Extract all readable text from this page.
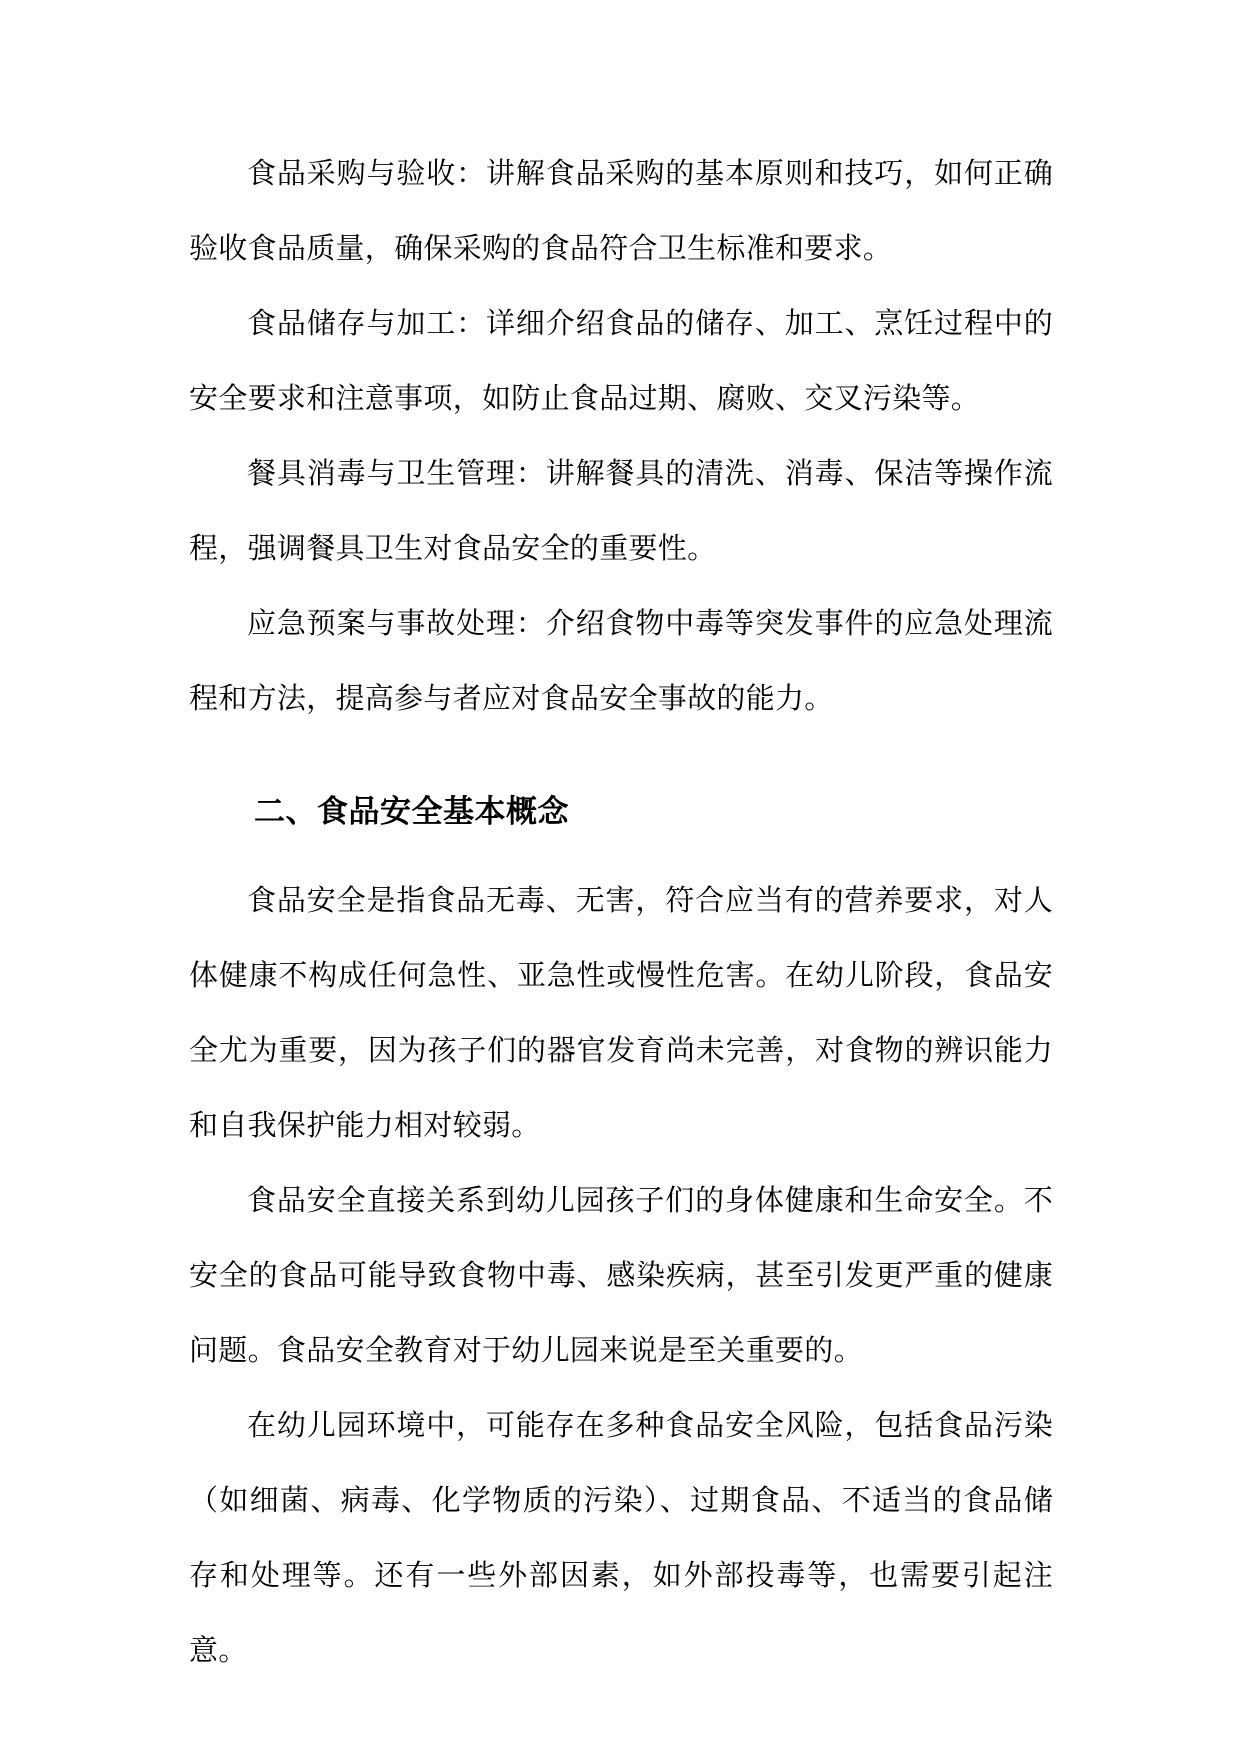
食品采购与验收：讲解食品采购的基本原则和技巧，如何正确验收食品质量，确保采购的食品符合卫生标准和要求。

食品储存与加工：详细介绍食品的储存、加工、烹饪过程中的安全要求和注意事项，如防止食品过期、腐败、交叉污染等。

餐具消毒与卫生管理：讲解餐具的清洗、消毒、保洁等操作流程，强调餐具卫生对食品安全的重要性。

应急预案与事故处理：介绍食物中毒等突发事件的应急处理流程和方法，提高参与者应对食品安全事故的能力。

二、食品安全基本概念

食品安全是指食品无毒、无害，符合应当有的营养要求，对人体健康不构成任何急性、亚急性或慢性危害。在幼儿阶段，食品安全尤为重要，因为孩子们的器官发育尚未完善，对食物的辨识能力和自我保护能力相对较弱。

食品安全直接关系到幼儿园孩子们的身体健康和生命安全。不安全的食品可能导致食物中毒、感染疾病，甚至引发更严重的健康问题。食品安全教育对于幼儿园来说是至关重要的。

在幼儿园环境中，可能存在多种食品安全风险，包括食品污染（如细菌、病毒、化学物质的污染）、过期食品、不适当的食品储存和处理等。还有一些外部因素，如外部投毒等，也需要引起注意。
